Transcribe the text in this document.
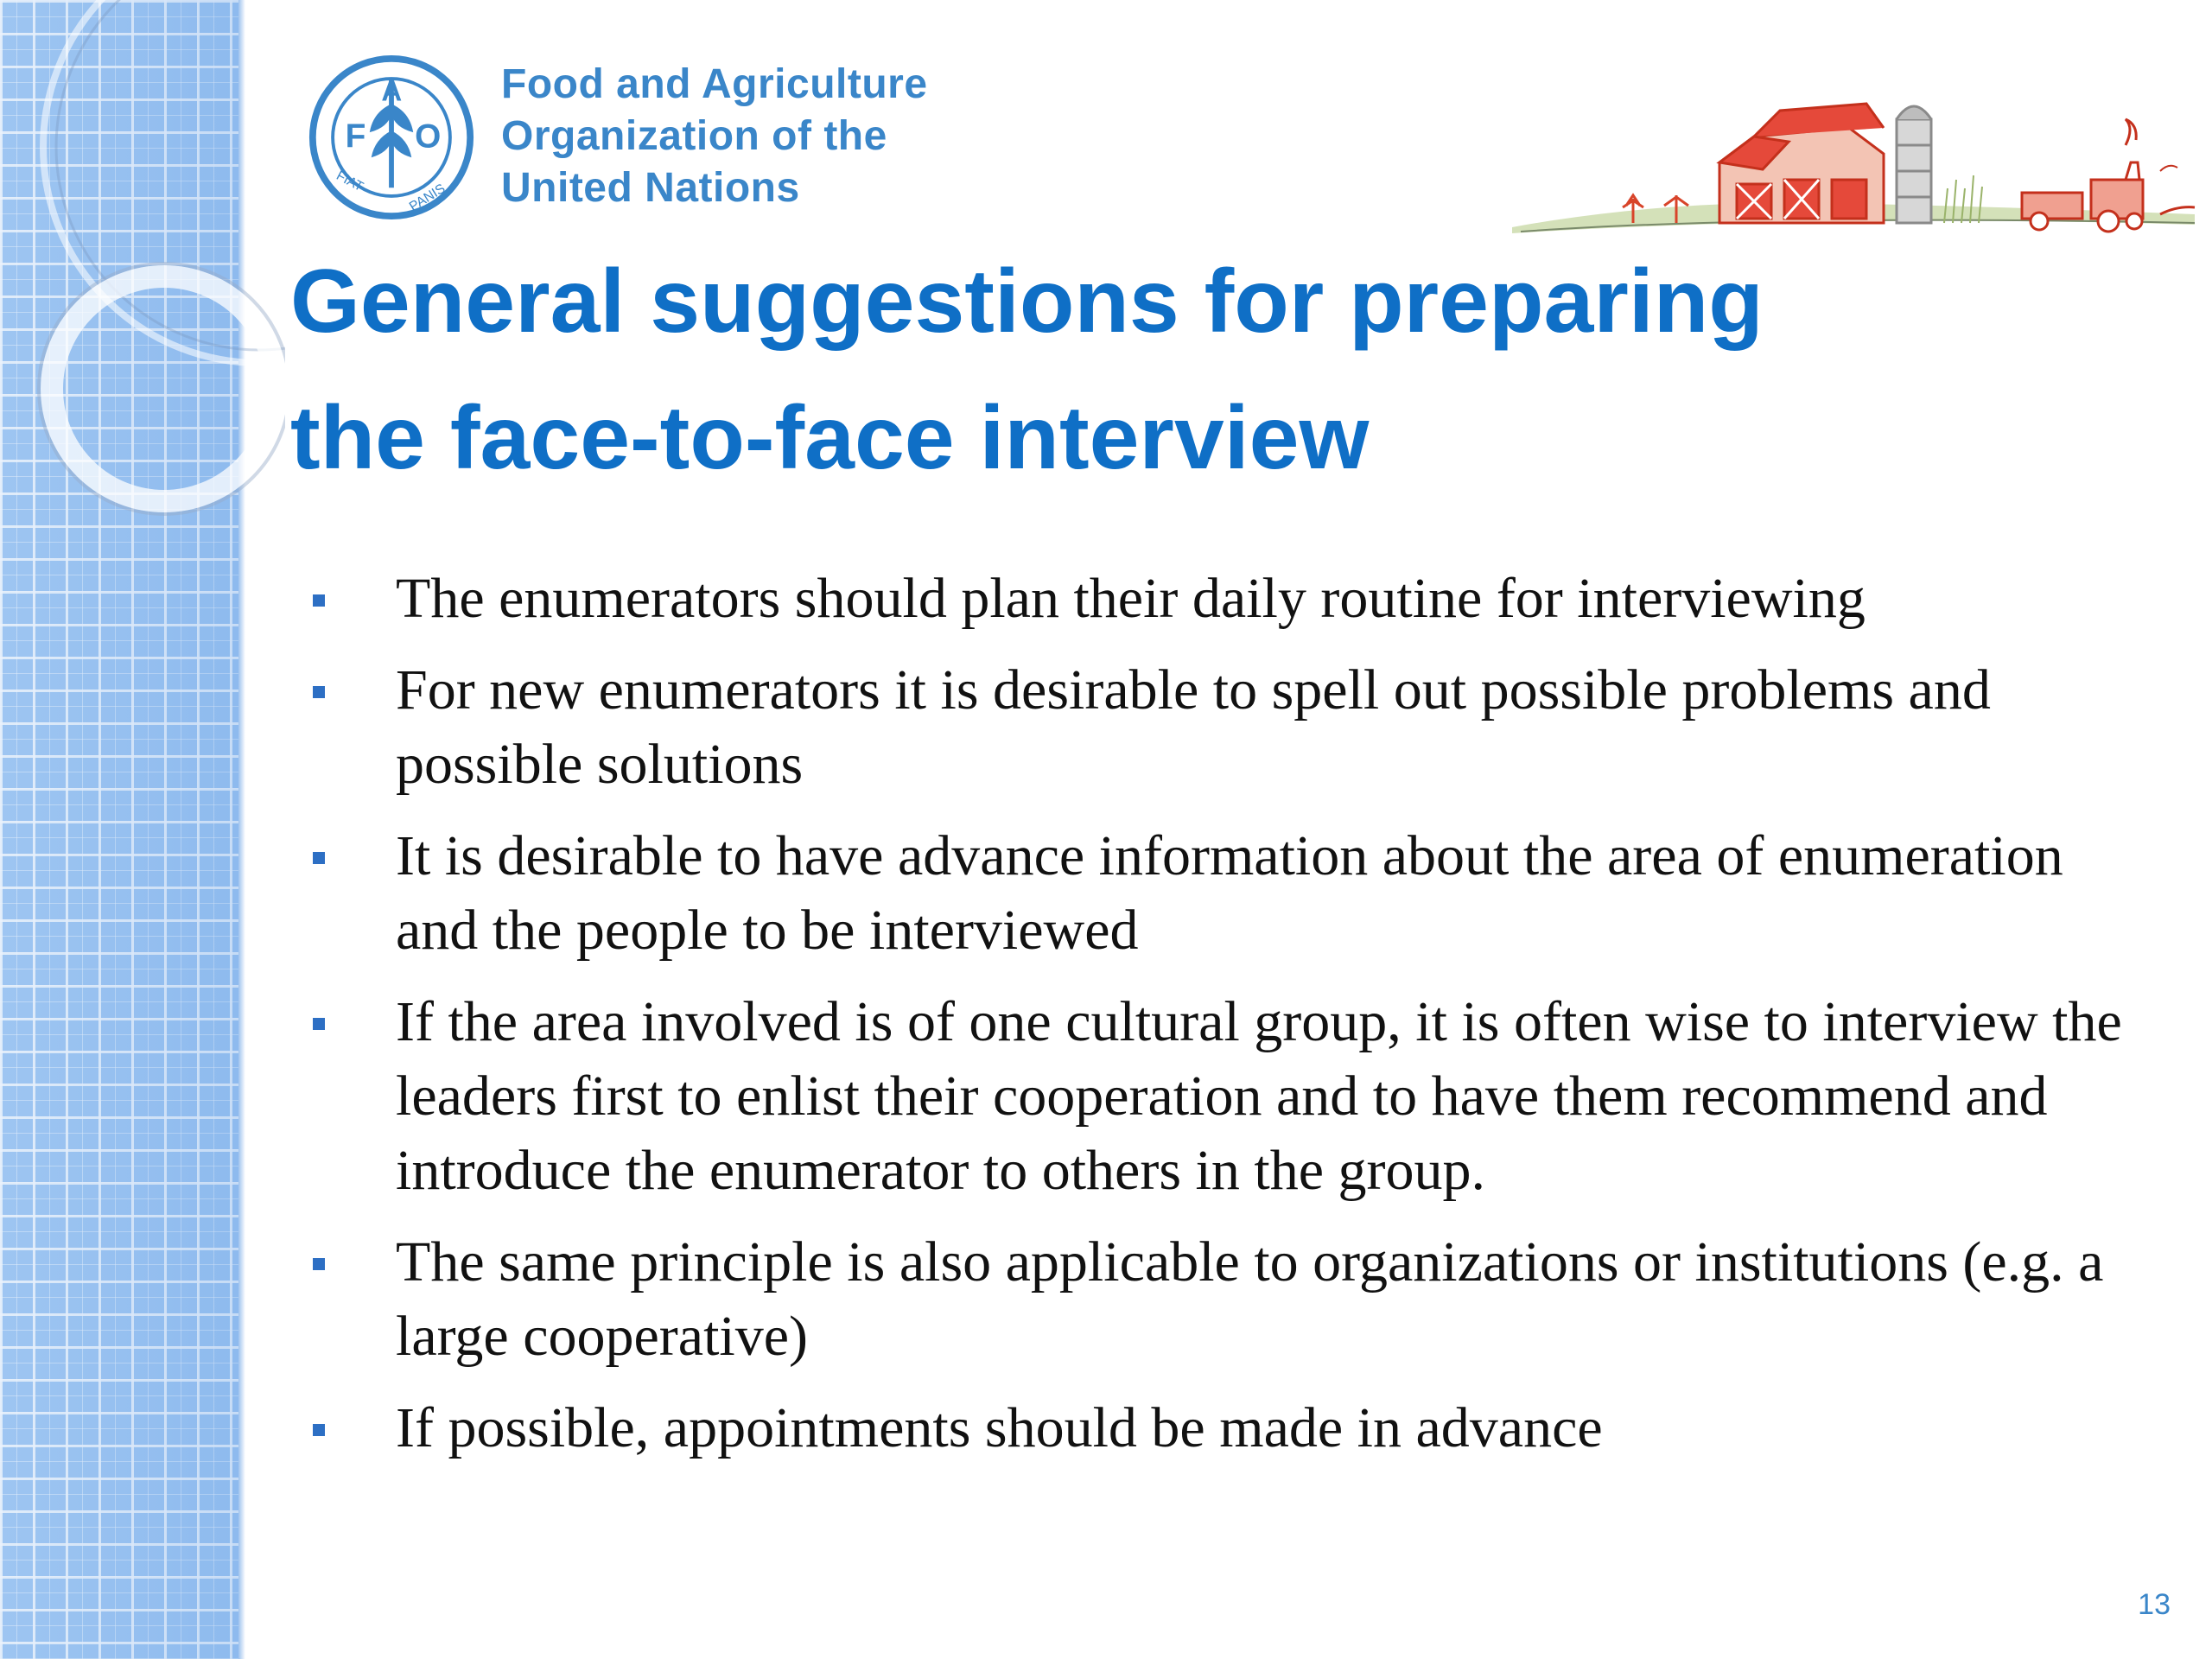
F
A
O
FIAT	PANIS
Food and Agriculture
Organization of the
United Nations
General suggestions for preparing
the face-to-face interview
The enumerators should plan their daily routine for interviewing
For new enumerators it is desirable to spell out possible problems and possible solutions
It is desirable to have advance information about the area of enumeration and the people to be interviewed
If the area involved is of one cultural group, it is often wise to interview the leaders first to enlist their cooperation and to have them recommend and introduce the enumerator to others in the group.
The same principle is also applicable to organizations or institutions (e.g. a large cooperative)
If possible, appointments should be made in advance
13
